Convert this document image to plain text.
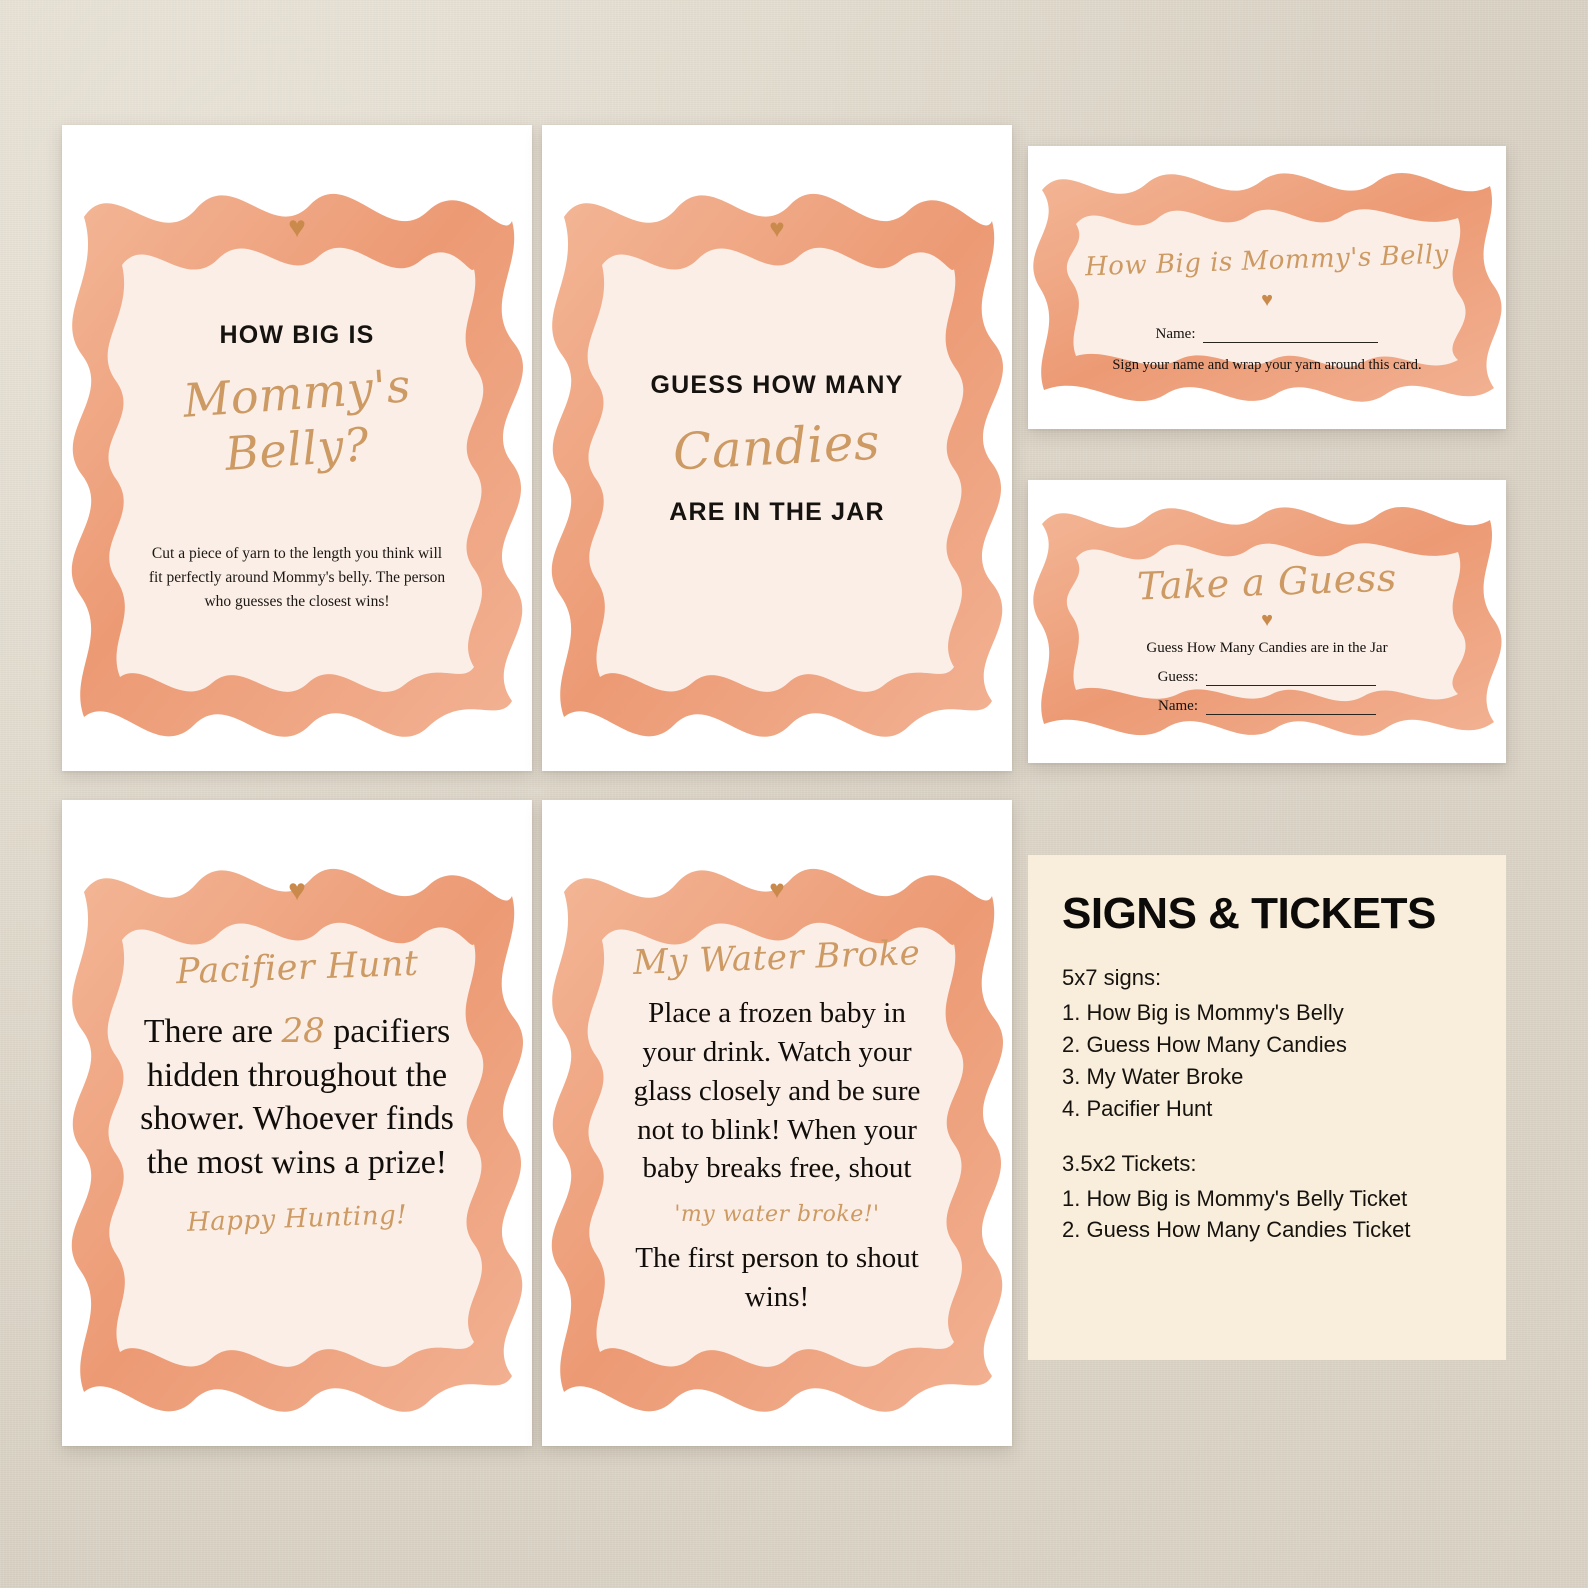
♥
HOW BIG IS
Mommy's
Belly?
Cut a piece of yarn to the length you think will fit perfectly around Mommy's belly. The person who guesses the closest wins!
♥
GUESS HOW MANY
Candies
ARE IN THE JAR
♥
Pacifier Hunt
There are 28 pacifiers hidden throughout the shower. Whoever finds the most wins a prize!
Happy Hunting!
♥
My Water Broke
Place a frozen baby in your drink. Watch your glass closely and be sure not to blink! When your baby breaks free, shout
'my water broke!'
The first person to shout wins!
How Big is Mommy's Belly
♥
Name:
Sign your name and wrap your yarn around this card.
Take a Guess
♥
Guess How Many Candies are in the Jar
Guess:
Name:
SIGNS & TICKETS
5x7 signs:
1. How Big is Mommy's Belly
2. Guess How Many Candies
3. My Water Broke
4. Pacifier Hunt
3.5x2 Tickets:
1. How Big is Mommy's Belly Ticket
2. Guess How Many Candies Ticket
